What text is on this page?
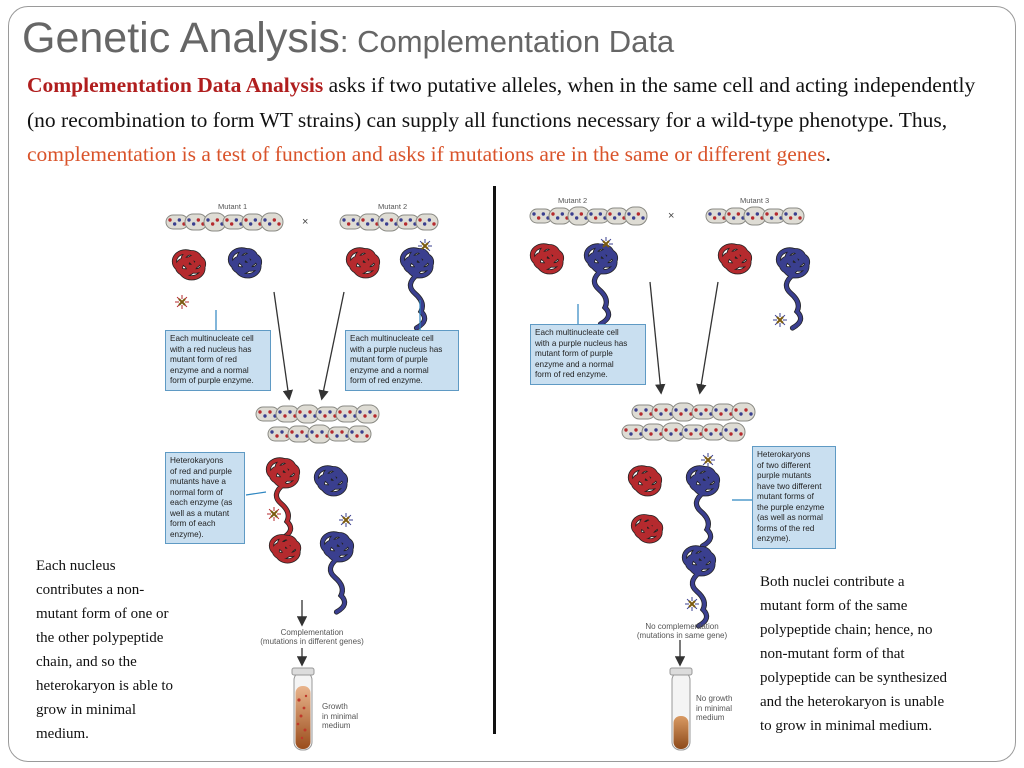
Genetic Analysis: Complementation Data
Complementation Data Analysis asks if two putative alleles, when in the same cell and acting independently (no recombination to form WT strains) can supply all functions necessary for a wild-type phenotype. Thus, complementation is a test of function and asks if mutations are in the same or different genes.
Mutant 1	Mutant 2
×
Each multinucleate cell
with a red nucleus has
mutant form of red
enzyme and a normal
form of purple enzyme.
Each multinucleate cell
with a purple nucleus has
mutant form of purple
enzyme and a normal
form of red enzyme.
Heterokaryons
of red and purple
mutants have a
normal form of
each enzyme (as
well as a mutant
form of each
enzyme).
Complementation
(mutations in different genes)
Growth
in minimal
medium
Each nucleus
contributes a non-
mutant form of one or
the other polypeptide
chain, and so the
heterokaryon is able to
grow in minimal
medium.
Mutant 2	Mutant 3
×
Each multinucleate cell
with a purple nucleus has
mutant form of purple
enzyme and a normal
form of red enzyme.
Heterokaryons
of two different
purple mutants
have two different
mutant forms of
the purple enzyme
(as well as normal
forms of the red
enzyme).
No complementation
(mutations in same gene)
No growth
in minimal
medium
Both nuclei contribute a
mutant form of the same
polypeptide chain; hence, no
non-mutant form of that
polypeptide can be synthesized
and the heterokaryon is unable
to grow in minimal medium.
